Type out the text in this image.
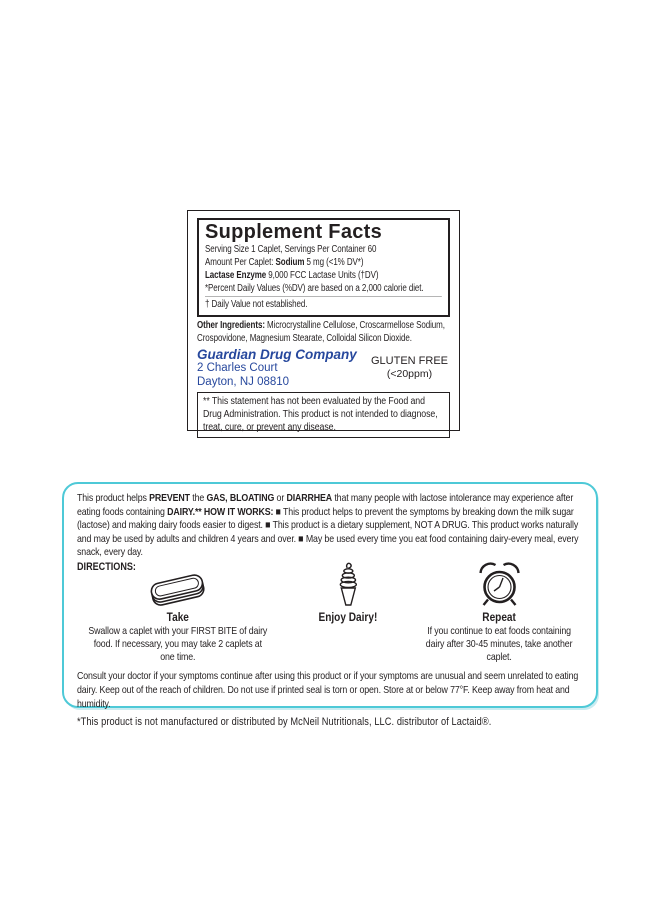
Supplement Facts
Serving Size 1 Caplet, Servings Per Container 60
Amount Per Caplet: Sodium 5 mg (<1% DV*)
Lactase Enzyme 9,000 FCC Lactase Units (†DV)
*Percent Daily Values (%DV) are based on a 2,000 calorie diet.
† Daily Value not established.
Other Ingredients: Microcrystalline Cellulose, Croscarmellose Sodium, Crospovidone, Magnesium Stearate, Colloidal Silicon Dioxide.
Guardian Drug Company
2 Charles Court
Dayton, NJ 08810
GLUTEN FREE
(<20ppm)
** This statement has not been evaluated by the Food and Drug Administration. This product is not intended to diagnose, treat, cure, or prevent any disease.
This product helps PREVENT the GAS, BLOATING or DIARRHEA that many people with lactose intolerance may experience after eating foods containing DAIRY.** HOW IT WORKS: ■ This product helps to prevent the symptoms by breaking down the milk sugar (lactose) and making dairy foods easier to digest. ■ This product is a dietary supplement, NOT A DRUG. This product works naturally and may be used by adults and children 4 years and over. ■ May be used every time you eat food containing dairy-every meal, every snack, every day.
DIRECTIONS:
Take
Swallow a caplet with your FIRST BITE of dairy food. If necessary, you may take 2 caplets at one time.
Enjoy Dairy!	Repeat
If you continue to eat foods containing dairy after 30-45 minutes, take another caplet.
Consult your doctor if your symptoms continue after using this product or if your symptoms are unusual and seem unrelated to eating dairy. Keep out of the reach of children. Do not use if printed seal is torn or open. Store at or below 77°F. Keep away from heat and humidity.
*This product is not manufactured or distributed by McNeil Nutritionals, LLC. distributor of Lactaid®.
